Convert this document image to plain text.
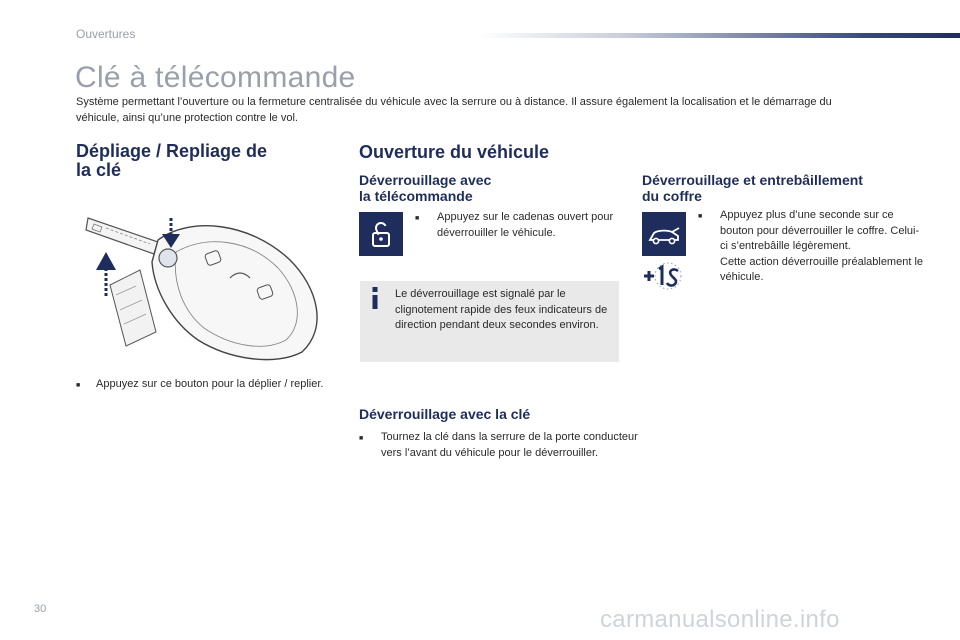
Ouvertures
Clé à télécommande

Système permettant l’ouverture ou la fermeture centralisée du véhicule avec la serrure ou à distance. Il assure également la localisation et le démarrage du véhicule, ainsi qu’une protection contre le vol.

Dépliage / Repliage de
la clé
■ Appuyez sur ce bouton pour la déplier / replier.
Ouverture du véhicule
Déverrouillage avec
la télécommande
■ Appuyez sur le cadenas ouvert pour déverrouiller le véhicule.

Le déverrouillage est signalé par le clignotement rapide des feux indicateurs de direction pendant deux secondes environ.

Déverrouillage avec la clé
■ Tournez la clé dans la serrure de la porte conducteur vers l’avant du véhicule pour le déverrouiller.
Déverrouillage et entrebâillement
du coffre
■ Appuyez plus d’une seconde sur ce bouton pour déverrouiller le coffre. Celui-ci s’entrebâille légèrement.
Cette action déverrouille préalablement le véhicule.
30	carmanualsonline.info
